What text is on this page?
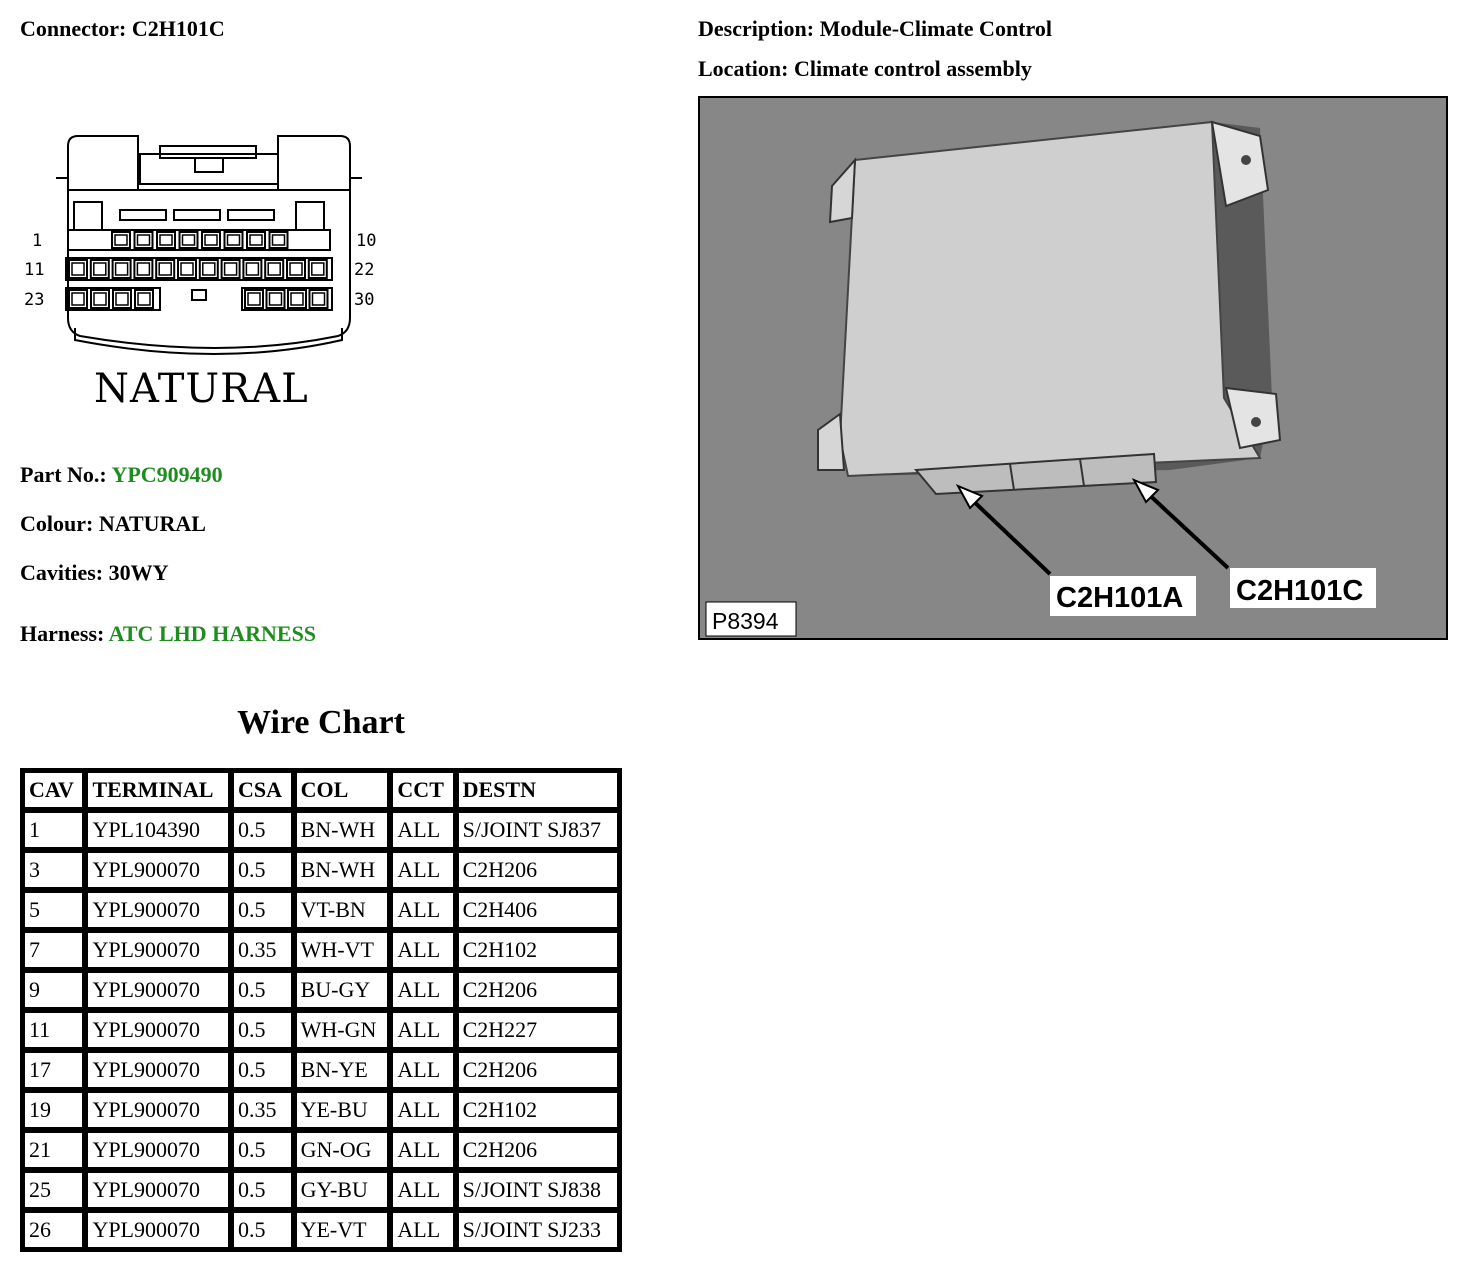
Connector: C2H101C	Description: Module-Climate Control
Location: Climate control assembly
1
11
23
10
22
30
NATURAL
Part No.: YPC909490
Colour: NATURAL
Cavities: 30WY
Harness: ATC LHD HARNESS
C2H101A C2H101C
P8394
Wire Chart
CAV	TERMINAL	CSA	COL	CCT	DESTN
1	YPL104390	0.5	BN-WH	ALL	S/JOINT SJ837
3	YPL900070	0.5	BN-WH	ALL	C2H206
5	YPL900070	0.5	VT-BN	ALL	C2H406
7	YPL900070	0.35	WH-VT	ALL	C2H102
9	YPL900070	0.5	BU-GY	ALL	C2H206
11	YPL900070	0.5	WH-GN	ALL	C2H227
17	YPL900070	0.5	BN-YE	ALL	C2H206
19	YPL900070	0.35	YE-BU	ALL	C2H102
21	YPL900070	0.5	GN-OG	ALL	C2H206
25	YPL900070	0.5	GY-BU	ALL	S/JOINT SJ838
26	YPL900070	0.5	YE-VT	ALL	S/JOINT SJ233
